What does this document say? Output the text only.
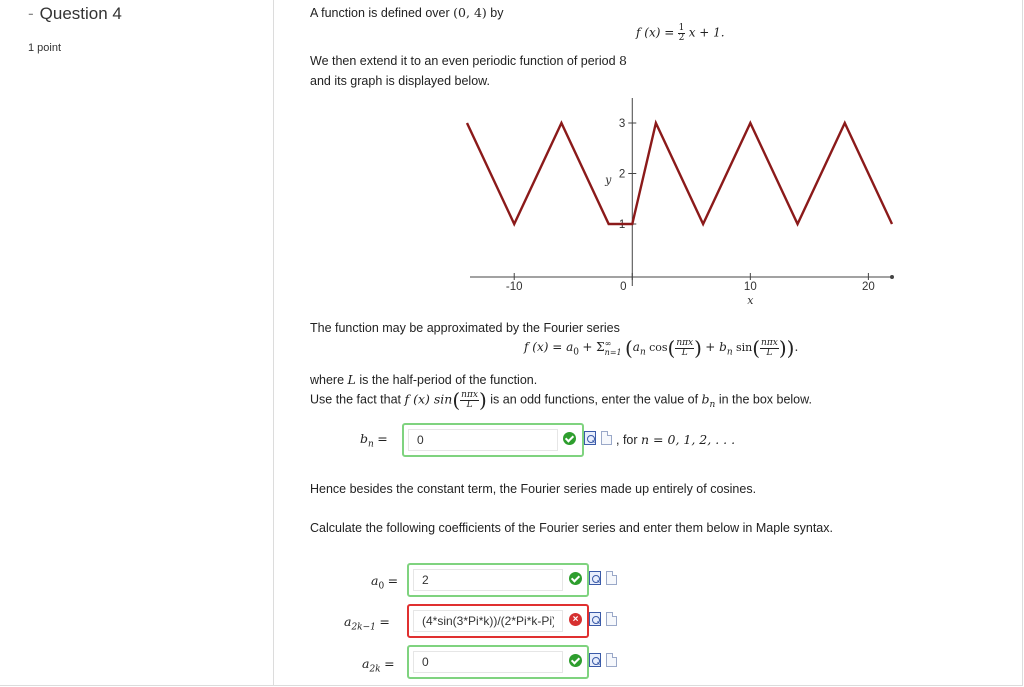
- Question 4
1 point
A function is defined over (0, 4) by
f $(x) = \frac{1}{2}$ x + 1.
We then extend it to an even periodic function of period 8
and its graph is displayed below.
-10	0	10	20
1
2
3
x
y
The function may be approximated by the Fourier series
f $(x) = a_0 + \Sigma$ ∞
n=1 ($a_n$ $\cos( \frac{\text{nπx}}{L}$ ) + $b_n$ $\sin( \frac{\text{nπx}}{L}$ )).
where L is the half-period of the function.
Use the fact that f (x) $\sin( \frac{\text{nπx}}{L}$ ) is an odd functions, enter the value of $b_n$ in the box below.
$b_n$ =
0	, for n = 0, 1, 2, . . .
Hence besides the constant term, the Fourier series made up entirely of cosines.
Calculate the following coefficients of the Fourier series and enter them below in Maple syntax.
$a_0$ =
2
$a_{2k-1}$ =
(4*sin(3*Pi*k))/(2*Pi*k-Pi)	×
$a_{2k}$ =
0
